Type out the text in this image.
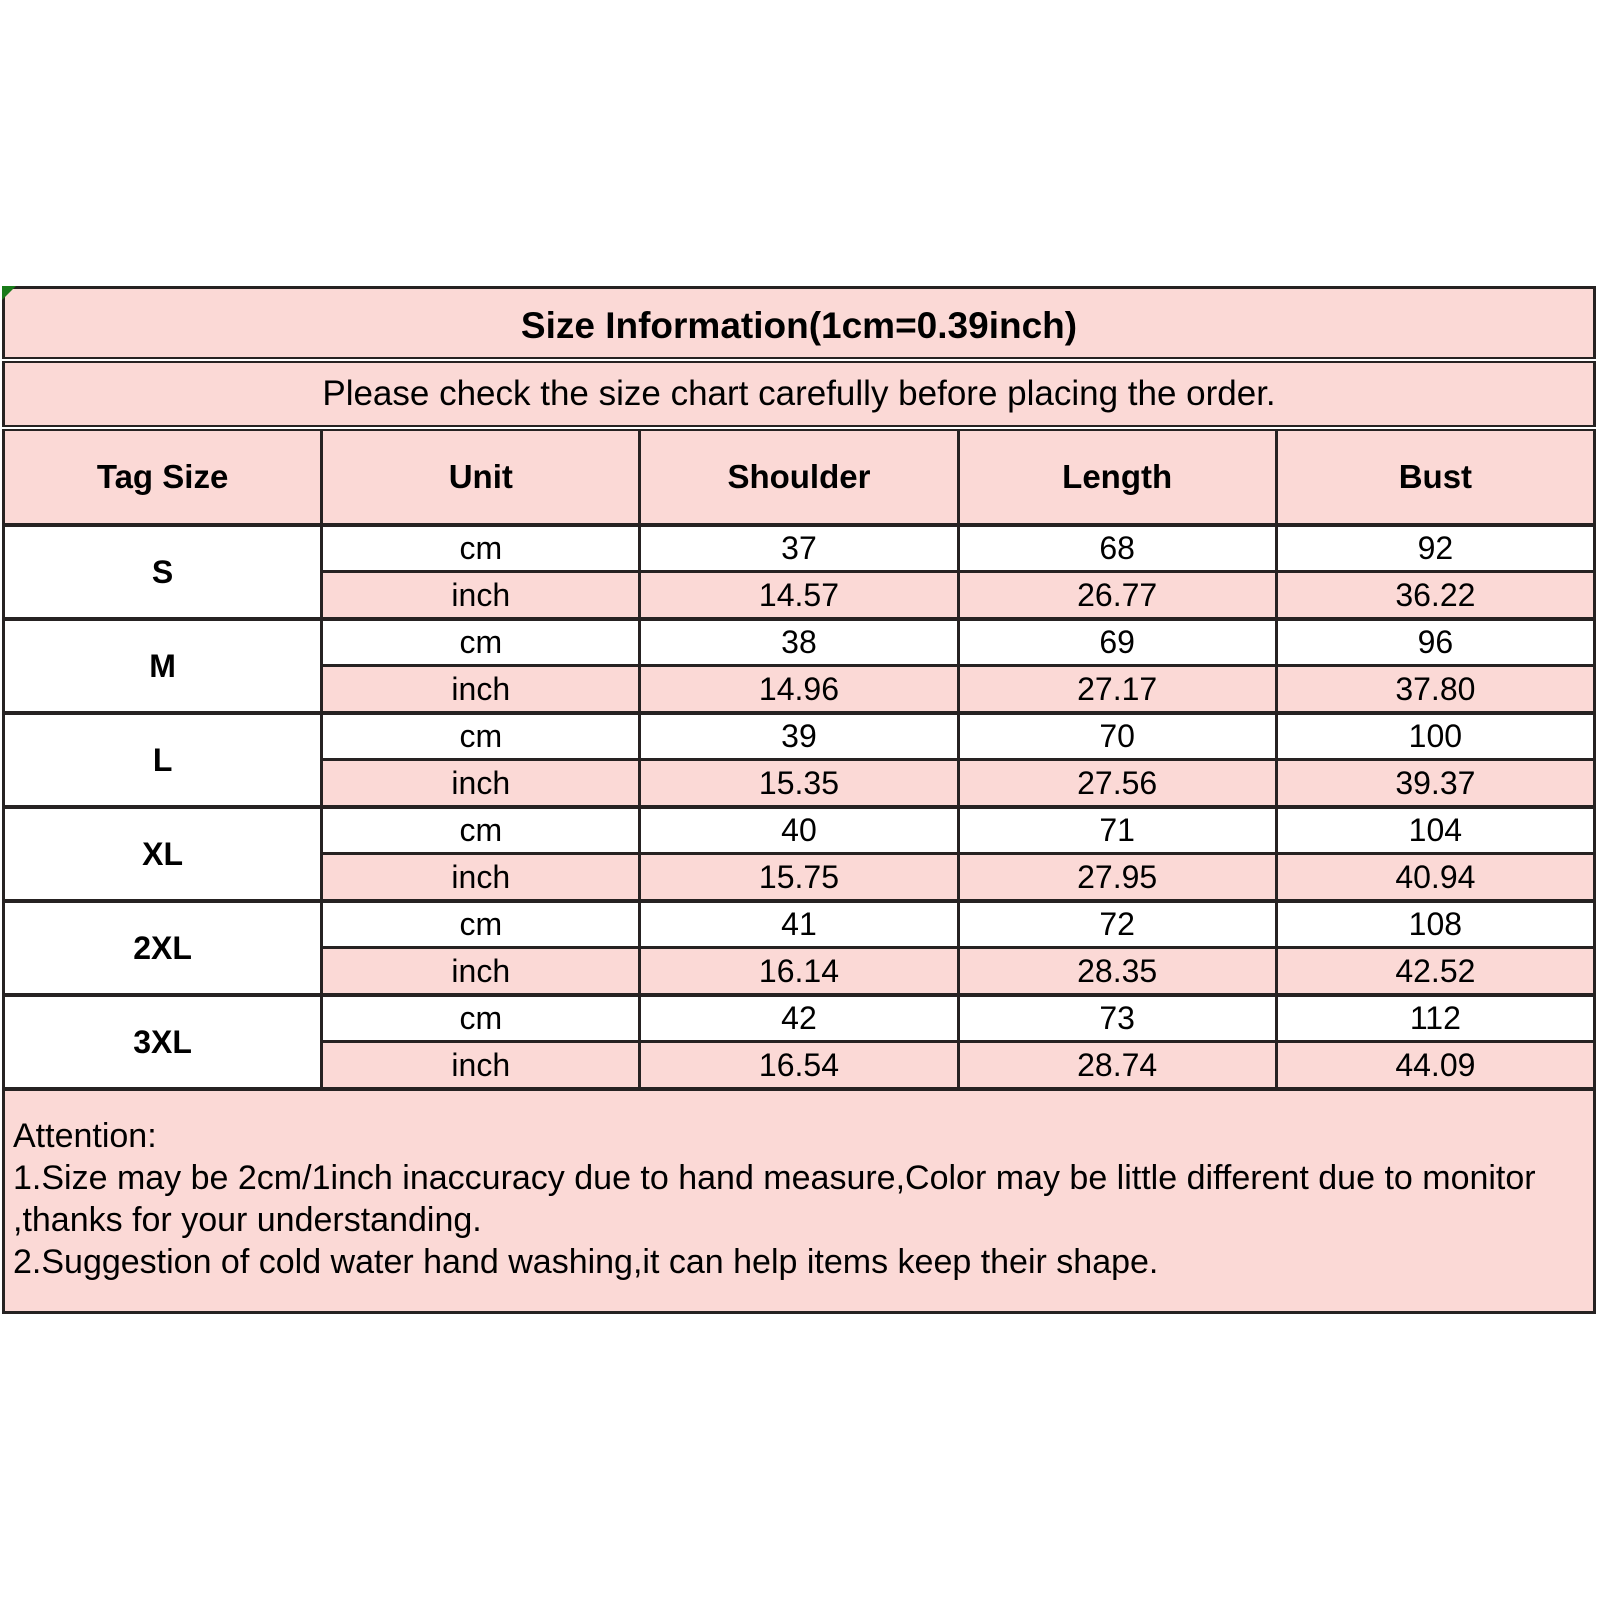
Size Information(1cm=0.39inch)				
Please check the size chart carefully before placing the order.				
Tag Size	Unit	Shoulder	Length	Bust
S	cm	37	68	92
	inch	14.57	26.77	36.22
M	cm	38	69	96
	inch	14.96	27.17	37.80
L	cm	39	70	100
	inch	15.35	27.56	39.37
XL	cm	40	71	104
	inch	15.75	27.95	40.94
2XL	cm	41	72	108
	inch	16.14	28.35	42.52
3XL	cm	42	73	112
	inch	16.54	28.74	44.09

Attention:
1.Size may be 2cm/1inch inaccuracy due to hand measure,Color may be little different due to monitor
,thanks for your understanding.
2.Suggestion of cold water hand washing,it can help items keep their shape.				
